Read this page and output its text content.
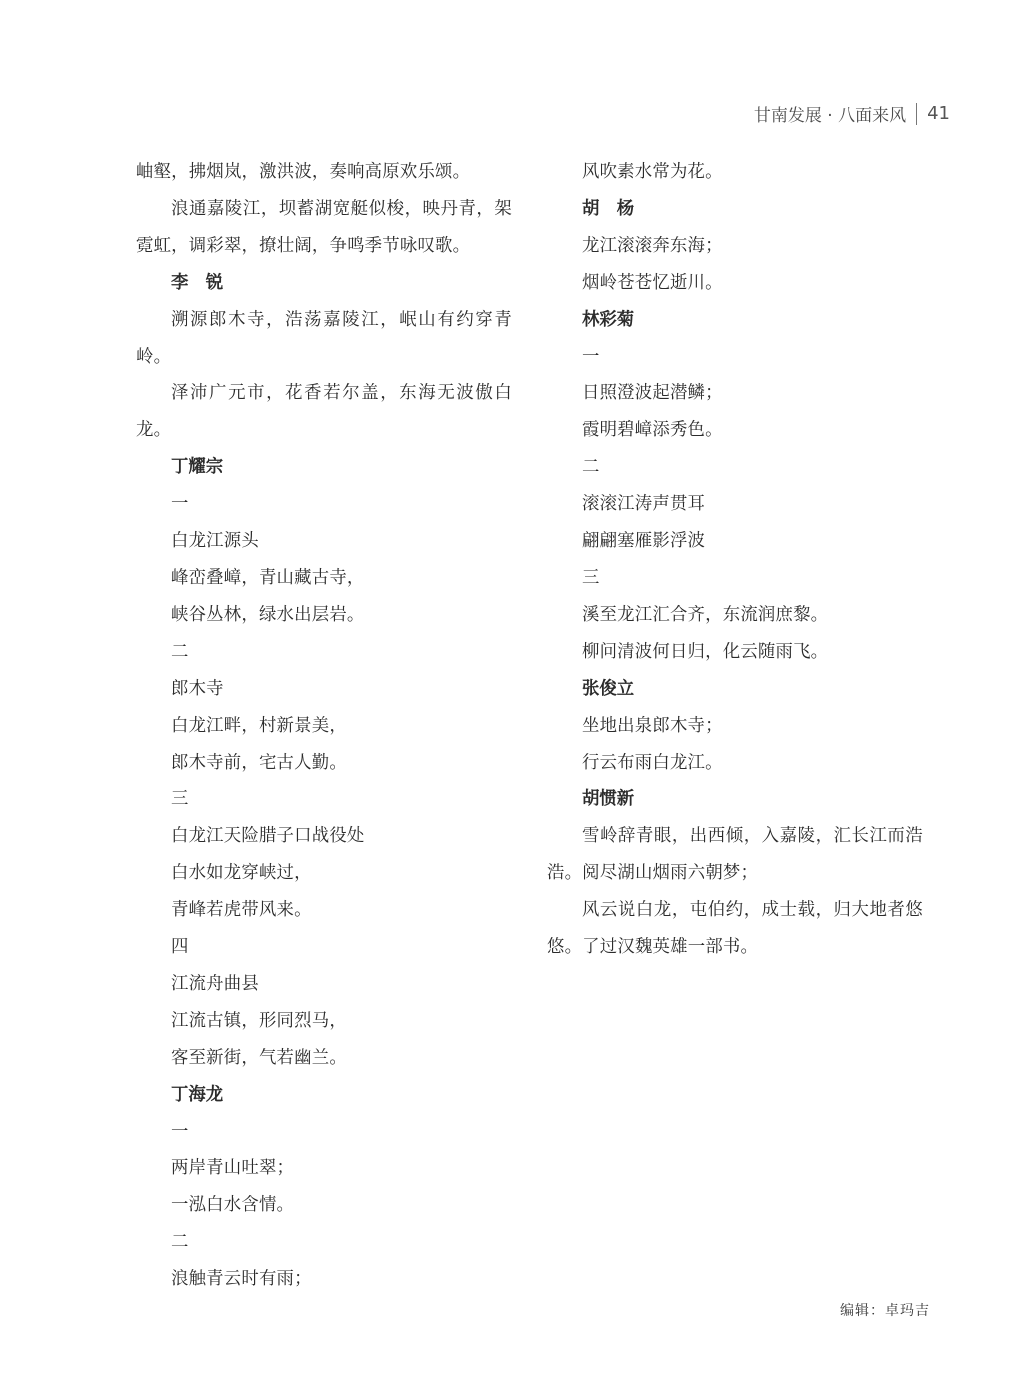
甘南发展 · 八面来风 41

岫壑，拂烟岚，激洪波，奏响高原欢乐颂。

浪通嘉陵江，坝蓄湖宽艇似梭，映丹青，架霓虹，调彩翠，撩壮阔，争鸣季节咏叹歌。

李　锐

溯源郎木寺，浩荡嘉陵江，岷山有约穿青岭。

泽沛广元市，花香若尔盖，东海无波傲白龙。

丁耀宗

一

白龙江源头

峰峦叠嶂，青山藏古寺，

峡谷丛林，绿水出层岩。

二

郎木寺

白龙江畔，村新景美，

郎木寺前，宅古人勤。

三

白龙江天险腊子口战役处

白水如龙穿峡过，

青峰若虎带风来。

四

江流舟曲县

江流古镇，形同烈马，

客至新街，气若幽兰。

丁海龙

一

两岸青山吐翠；

一泓白水含情。

二

浪触青云时有雨；

风吹素水常为花。

胡　杨

龙江滚滚奔东海；

烟岭苍苍忆逝川。

林彩菊

一

日照澄波起潜鳞；

霞明碧嶂添秀色。

二

滚滚江涛声贯耳

翩翩塞雁影浮波

三

溪至龙江汇合齐，东流润庶黎。

柳问清波何日归，化云随雨飞。

张俊立

坐地出泉郎木寺；

行云布雨白龙江。

胡惯新

雪岭辞青眼，出西倾，入嘉陵，汇长江而浩浩。阅尽湖山烟雨六朝梦；

风云说白龙，屯伯约，成士载，归大地者悠悠。了过汉魏英雄一部书。

编辑：卓玛吉
